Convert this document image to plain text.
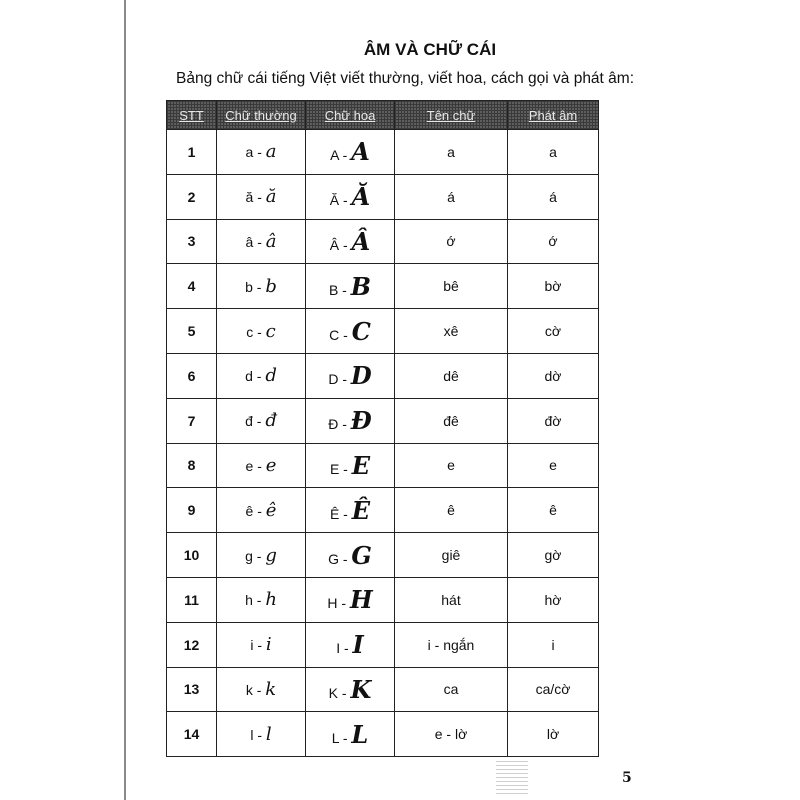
ÂM VÀ CHỮ CÁI
Bảng chữ cái tiếng Việt viết thường, viết hoa, cách gọi và phát âm:
STT	Chữ thường	Chữ hoa	Tên chữ	Phát âm
1	a - a	A - A	a	a
2	ă - ă	Ă - Ă	á	á
3	â - â	Â - Â	ớ	ớ
4	b - b	B - B	bê	bờ
5	c - c	C - C	xê	cờ
6	d - d	D - D	dê	dờ
7	đ - đ	Đ - Đ	đê	đờ
8	e - e	E - E	e	e
9	ê - ê	Ê - Ê	ê	ê
10	g - g	G - G	giê	gờ
11	h - h	H - H	hát	hờ
12	i - i	I - I	i - ngắn	i
13	k - k	K - K	ca	ca/cờ
14	l - l	L - L	e - lờ	lờ
5
